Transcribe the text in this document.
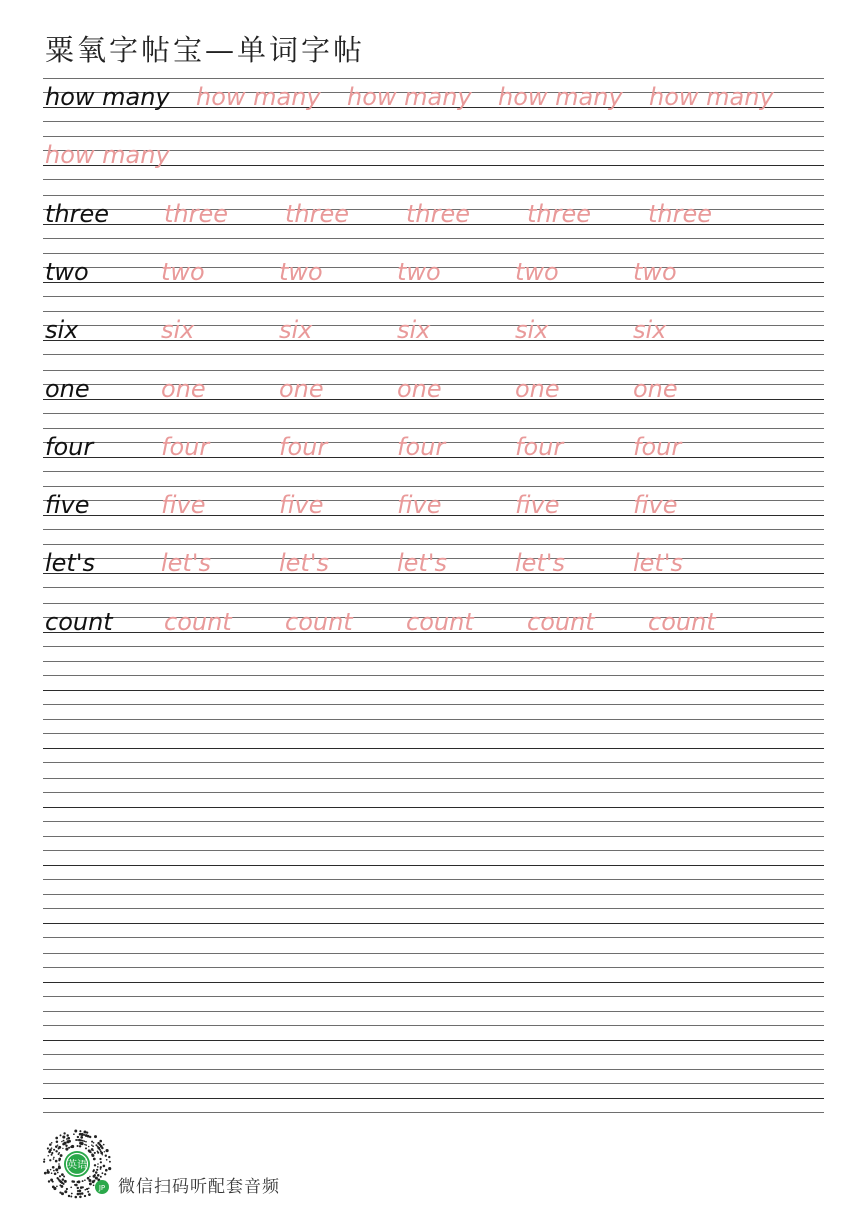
粟氧字帖宝—单词字帖
how many how many how many how many how many
how many
three three three three three three
two	two	two	two	two	two
six	six	six	six	six	six
one	one	one	one	one	one
four	four	four	four	four	four
five	five	five	five	five	five
let's	let's	let's	let's	let's	let's
count count count count count count
英语
JP 微信扫码听配套音频
